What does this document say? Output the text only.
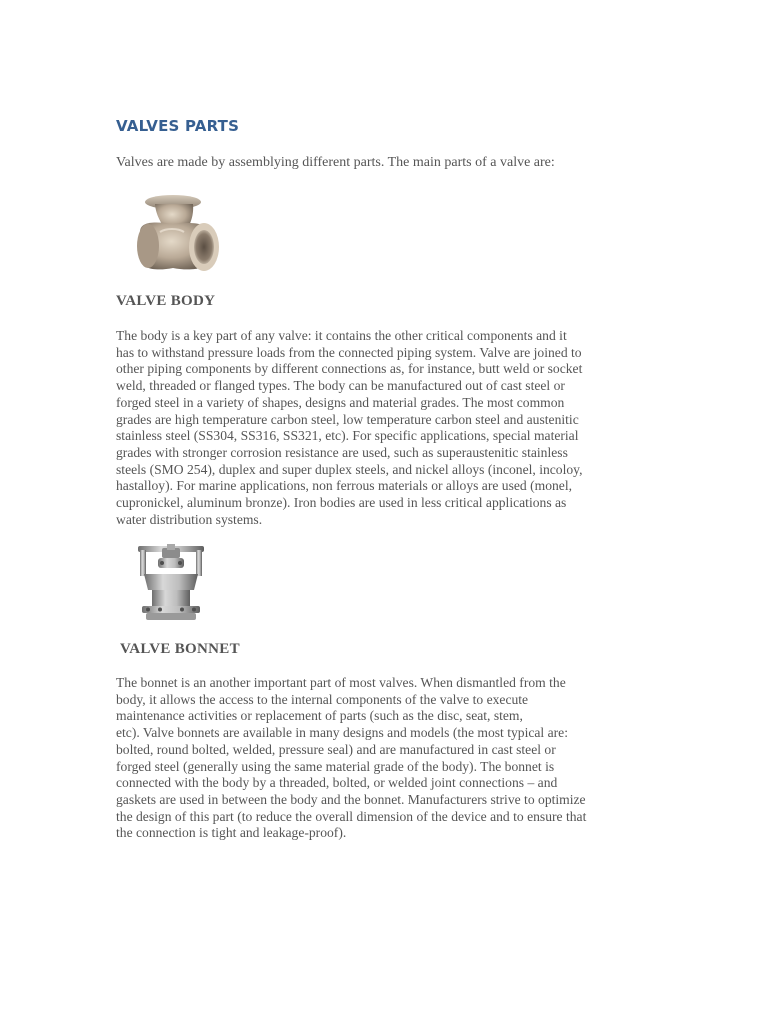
VALVES PARTS

Valves are made by assemblying different parts. The main parts of a valve are:

VALVE BODY

The body is a key part of any valve: it contains the other critical components and it
has to withstand pressure loads from the connected piping system. Valve are joined to
other piping components by different connections as, for instance, butt weld or socket
weld, threaded or flanged types. The body can be manufactured out of cast steel or
forged steel in a variety of shapes, designs and material grades. The most common
grades are high temperature carbon steel, low temperature carbon steel and austenitic
stainless steel (SS304, SS316, SS321, etc). For specific applications, special material
grades with stronger corrosion resistance are used, such as superaustenitic stainless
steels (SMO 254), duplex and super duplex steels, and nickel alloys (inconel, incoloy,
hastalloy). For marine applications, non ferrous materials or alloys are used (monel,
cupronickel, aluminum bronze). Iron bodies are used in less critical applications as
water distribution systems.

VALVE BONNET

The bonnet is an another important part of most valves. When dismantled from the
body, it allows the access to the internal components of the valve to execute
maintenance activities or replacement of parts (such as the disc, seat, stem,
etc). Valve bonnets are available in many designs and models (the most typical are:
bolted, round bolted, welded, pressure seal) and are manufactured in cast steel or
forged steel (generally using the same material grade of the body). The bonnet is
connected with the body by a threaded, bolted, or welded joint connections – and
gaskets are used in between the body and the bonnet. Manufacturers strive to optimize
the design of this part (to reduce the overall dimension of the device and to ensure that
the connection is tight and leakage-proof).
